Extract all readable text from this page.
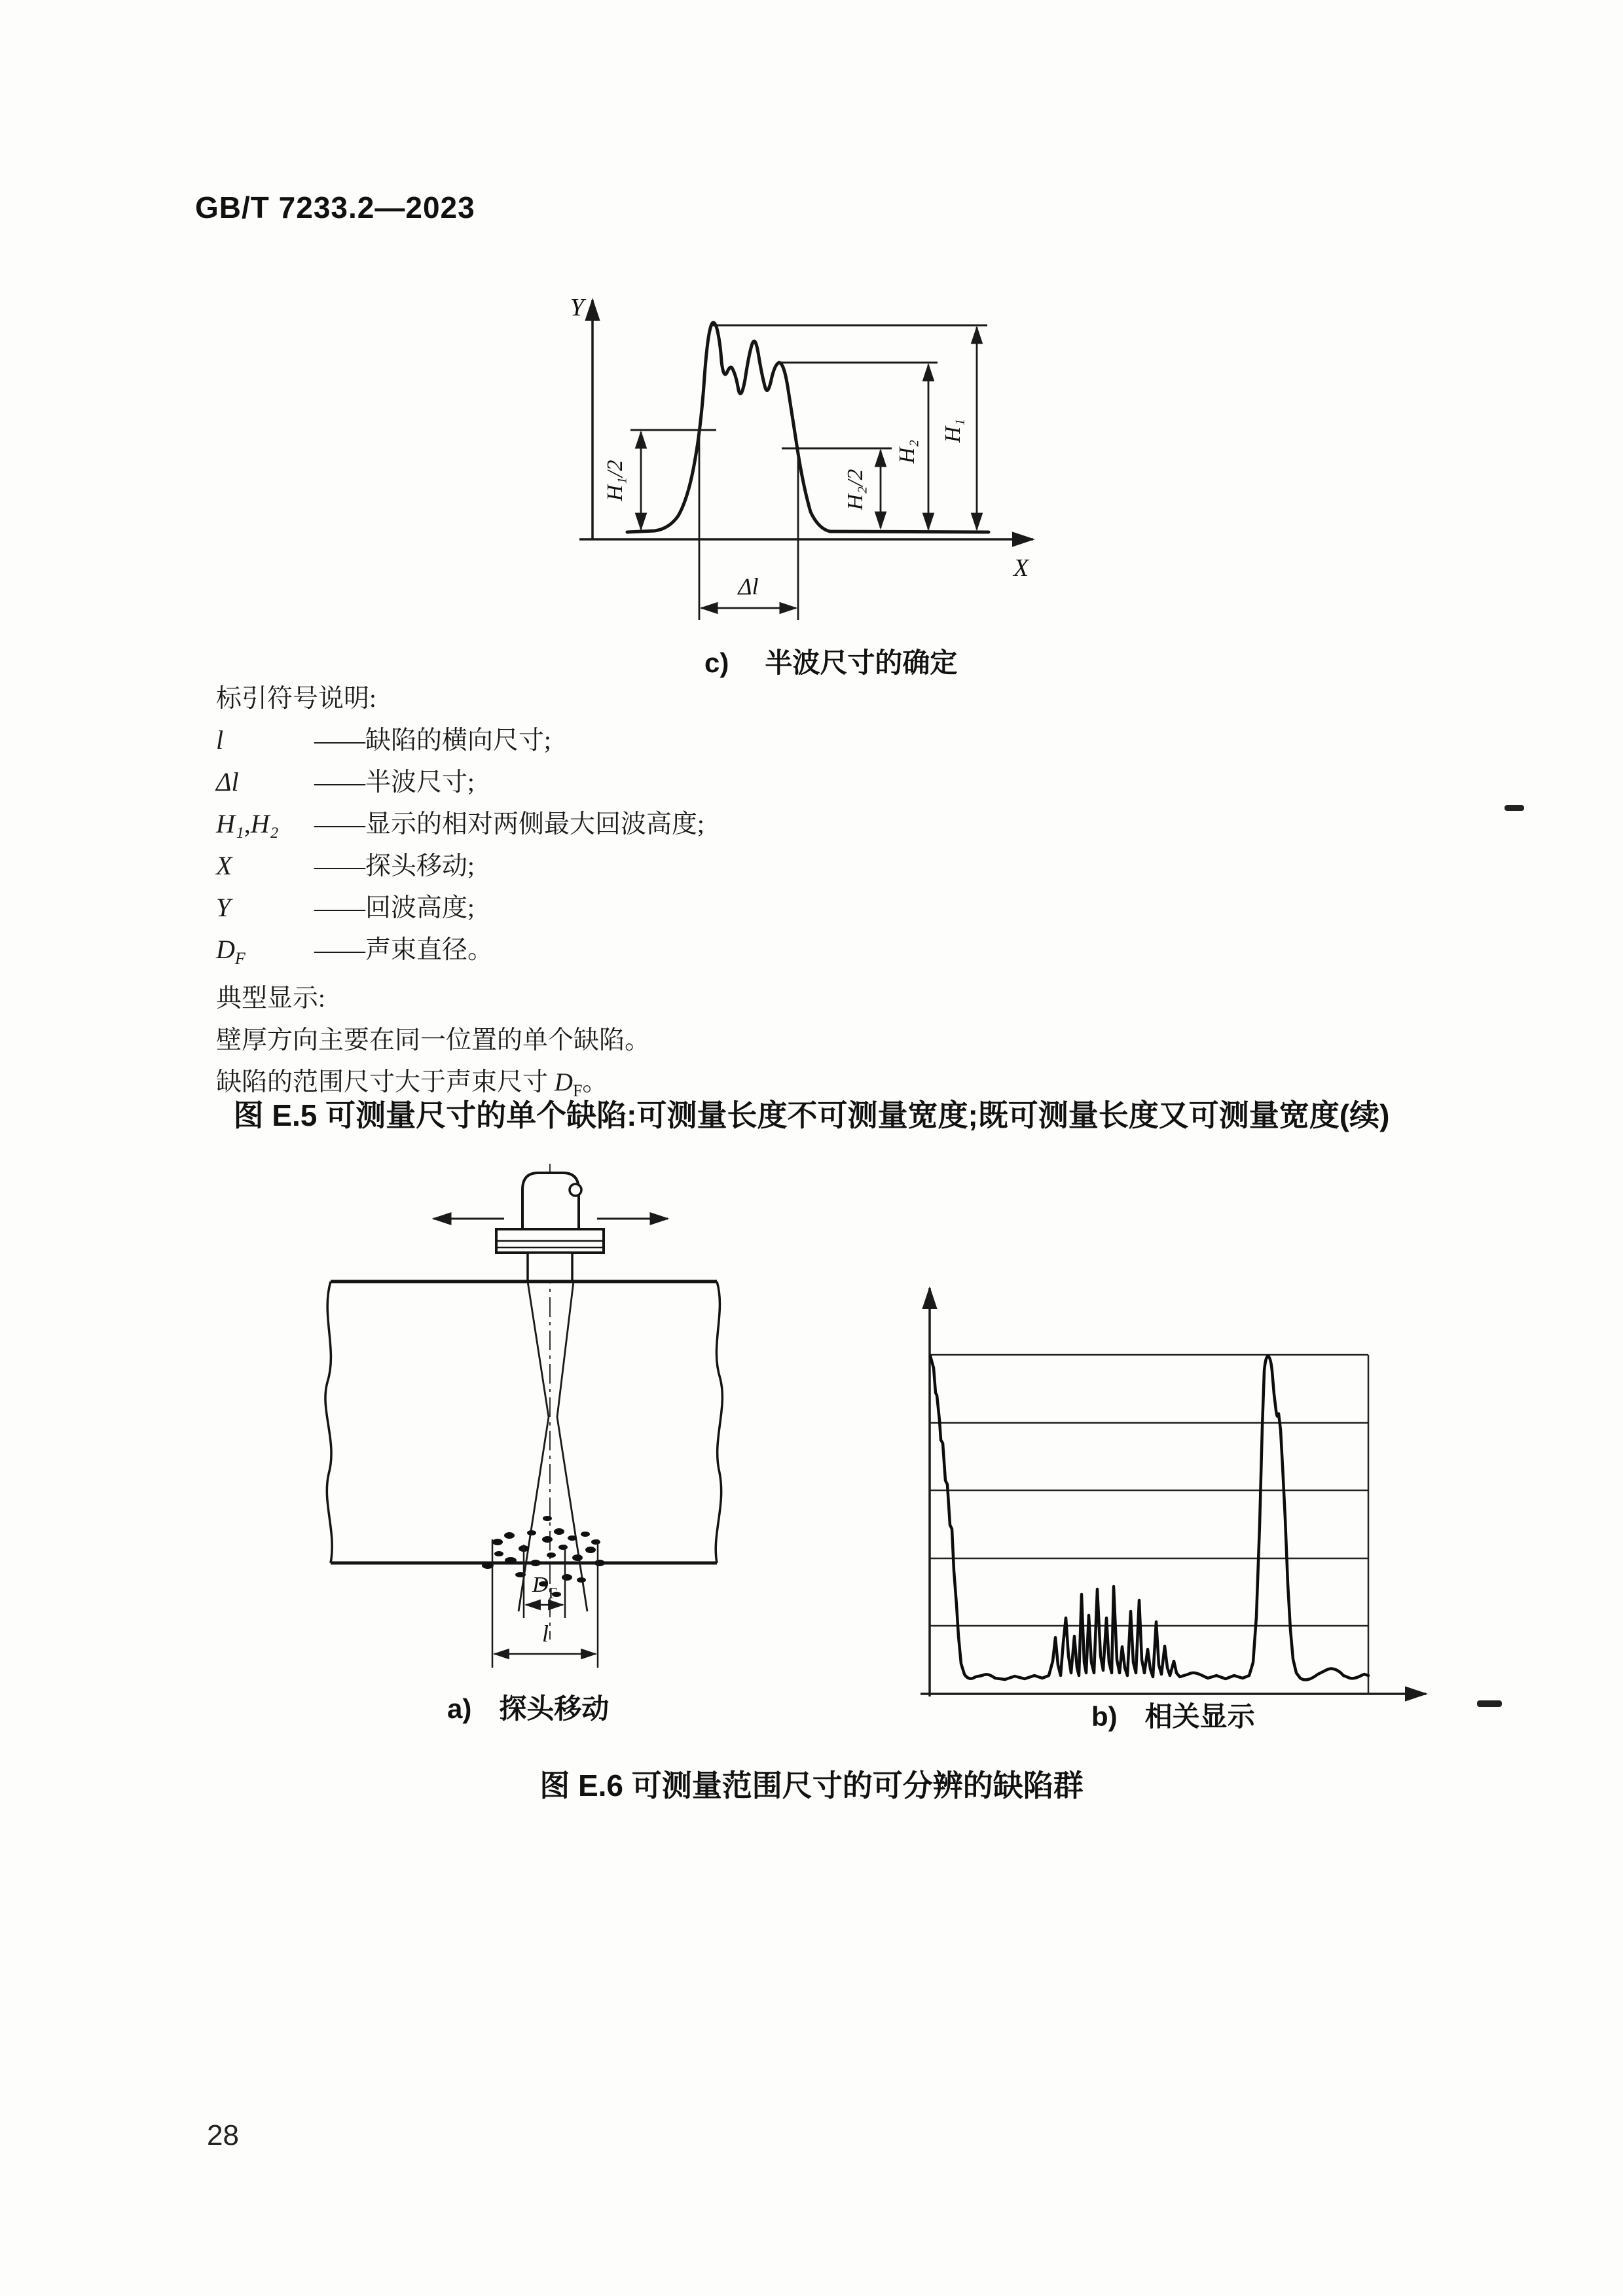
GB/T 7233.2—2023
Y
X
H₁/2	H₂/2
H₂
H₁
Δl
c) 半波尺寸的确定
标引符号说明:
l	——缺陷的横向尺寸;
Δl	——半波尺寸;
H₁,H₂	——显示的相对两侧最大回波高度;
X	——探头移动;
Y	——回波高度;
$D_F$	——声束直径。
典型显示:
壁厚方向主要在同一位置的单个缺陷。
缺陷的范围尺寸大于声束尺寸 $D_F$。
图 E.5 可测量尺寸的单个缺陷:可测量长度不可测量宽度;既可测量长度又可测量宽度(续)
$D_F$
l
a) 探头移动	b) 相关显示
图 E.6 可测量范围尺寸的可分辨的缺陷群
28
